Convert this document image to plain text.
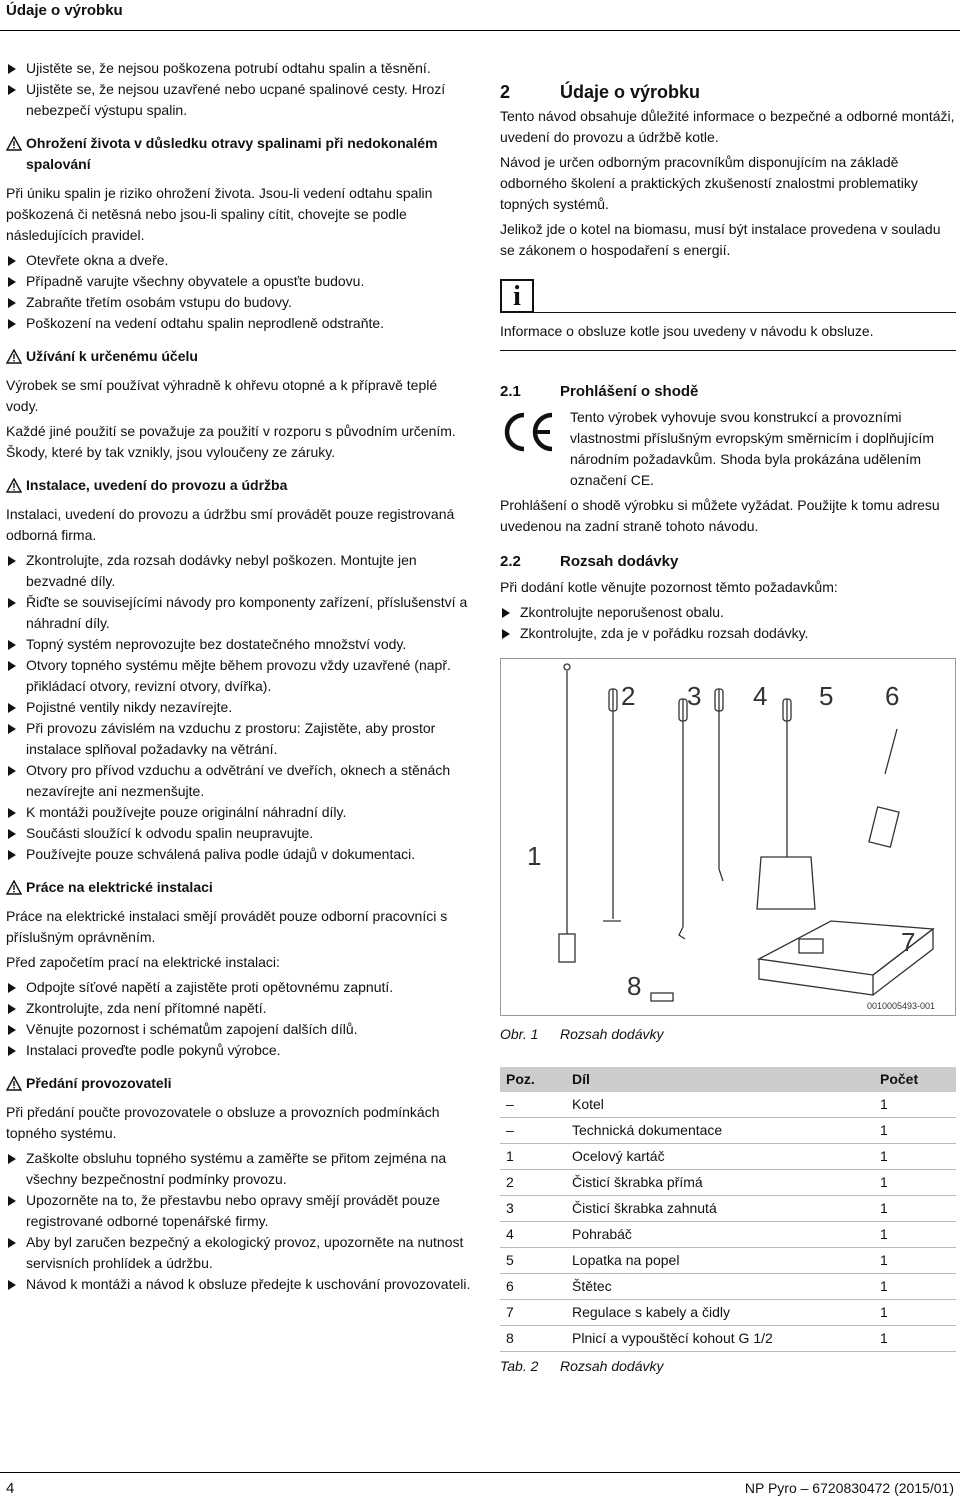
Údaje o výrobku
Ujistěte se, že nejsou poškozena potrubí odtahu spalin a těsnění.
Ujistěte se, že nejsou uzavřené nebo ucpané spalinové cesty. Hrozí nebezpečí výstupu spalin.
Ohrožení života v důsledku otravy spalinami při nedokonalém spalování

Při úniku spalin je riziko ohrožení života. Jsou-li vedení odtahu spalin poškozená či netěsná nebo jsou-li spaliny cítit, chovejte se podle následujících pravidel.

Otevřete okna a dveře.
Případně varujte všechny obyvatele a opusťte budovu.
Zabraňte třetím osobám vstupu do budovy.
Poškození na vedení odtahu spalin neprodleně odstraňte.
Užívání k určenému účelu

Výrobek se smí používat výhradně k ohřevu otopné a k přípravě teplé vody.

Každé jiné použití se považuje za použití v rozporu s původním určením. Škody, které by tak vznikly, jsou vyloučeny ze záruky.

Instalace, uvedení do provozu a údržba

Instalaci, uvedení do provozu a údržbu smí provádět pouze registrovaná odborná firma.

Zkontrolujte, zda rozsah dodávky nebyl poškozen. Montujte jen bezvadné díly.
Řiďte se souvisejícími návody pro komponenty zařízení, příslušenství a náhradní díly.
Topný systém neprovozujte bez dostatečného množství vody.
Otvory topného systému mějte během provozu vždy uzavřené (např. přikládací otvory, revizní otvory, dvířka).
Pojistné ventily nikdy nezavírejte.
Při provozu závislém na vzduchu z prostoru: Zajistěte, aby prostor instalace splňoval požadavky na větrání.
Otvory pro přívod vzduchu a odvětrání ve dveřích, oknech a stěnách nezavírejte ani nezmenšujte.
K montáži používejte pouze originální náhradní díly.
Součásti sloužící k odvodu spalin neupravujte.
Používejte pouze schválená paliva podle údajů v dokumentaci.
Práce na elektrické instalaci

Práce na elektrické instalaci smějí provádět pouze odborní pracovníci s příslušným oprávněním.

Před započetím prací na elektrické instalaci:

Odpojte síťové napětí a zajistěte proti opětovnému zapnutí.
Zkontrolujte, zda není přítomné napětí.
Věnujte pozornost i schématům zapojení dalších dílů.
Instalaci proveďte podle pokynů výrobce.
Předání provozovateli

Při předání poučte provozovatele o obsluze a provozních podmínkách topného systému.

Zaškolte obsluhu topného systému a zaměřte se přitom zejména na všechny bezpečnostní podmínky provozu.
Upozorněte na to, že přestavbu nebo opravy smějí provádět pouze registrované odborné topenářské firmy.
Aby byl zaručen bezpečný a ekologický provoz, upozorněte na nutnost servisních prohlídek a údržbu.
Návod k montáži a návod k obsluze předejte k uschování provozovateli.
2	Údaje o výrobku

Tento návod obsahuje důležité informace o bezpečné a odborné montáži, uvedení do provozu a údržbě kotle.

Návod je určen odborným pracovníkům disponujícím na základě odborného školení a praktických zkušeností znalostmi problematiky topných systémů.

Jelikož jde o kotel na biomasu, musí být instalace provedena v souladu se zákonem o hospodaření s energií.

i
Informace o obsluze kotle jsou uvedeny v návodu k obsluze.
2.1	Prohlášení o shodě

Tento výrobek vyhovuje svou konstrukcí a provozními vlastnostmi příslušným evropským směrnicím i doplňujícím národním požadavkům. Shoda byla prokázána udělením označení CE.

Prohlášení o shodě výrobku si můžete vyžádat. Použijte k tomu adresu uvedenou na zadní straně tohoto návodu.

2.2	Rozsah dodávky

Při dodání kotle věnujte pozornost těmto požadavkům:

Zkontrolujte neporušenost obalu.
Zkontrolujte, zda je v pořádku rozsah dodávky.
1
2 3 4 5 6
7
8
0010005493-001
Obr. 1	Rozsah dodávky
Poz.	Díl	Počet
–	Kotel	1
–	Technická dokumentace	1
1	Ocelový kartáč	1
2	Čisticí škrabka přímá	1
3	Čisticí škrabka zahnutá	1
4	Pohrabáč	1
5	Lopatka na popel	1
6	Štětec	1
7	Regulace s kabely a čidly	1
8	Plnicí a vypouštěcí kohout G 1/2	1
Tab. 2	Rozsah dodávky
4	NP Pyro – 6720830472 (2015/01)
